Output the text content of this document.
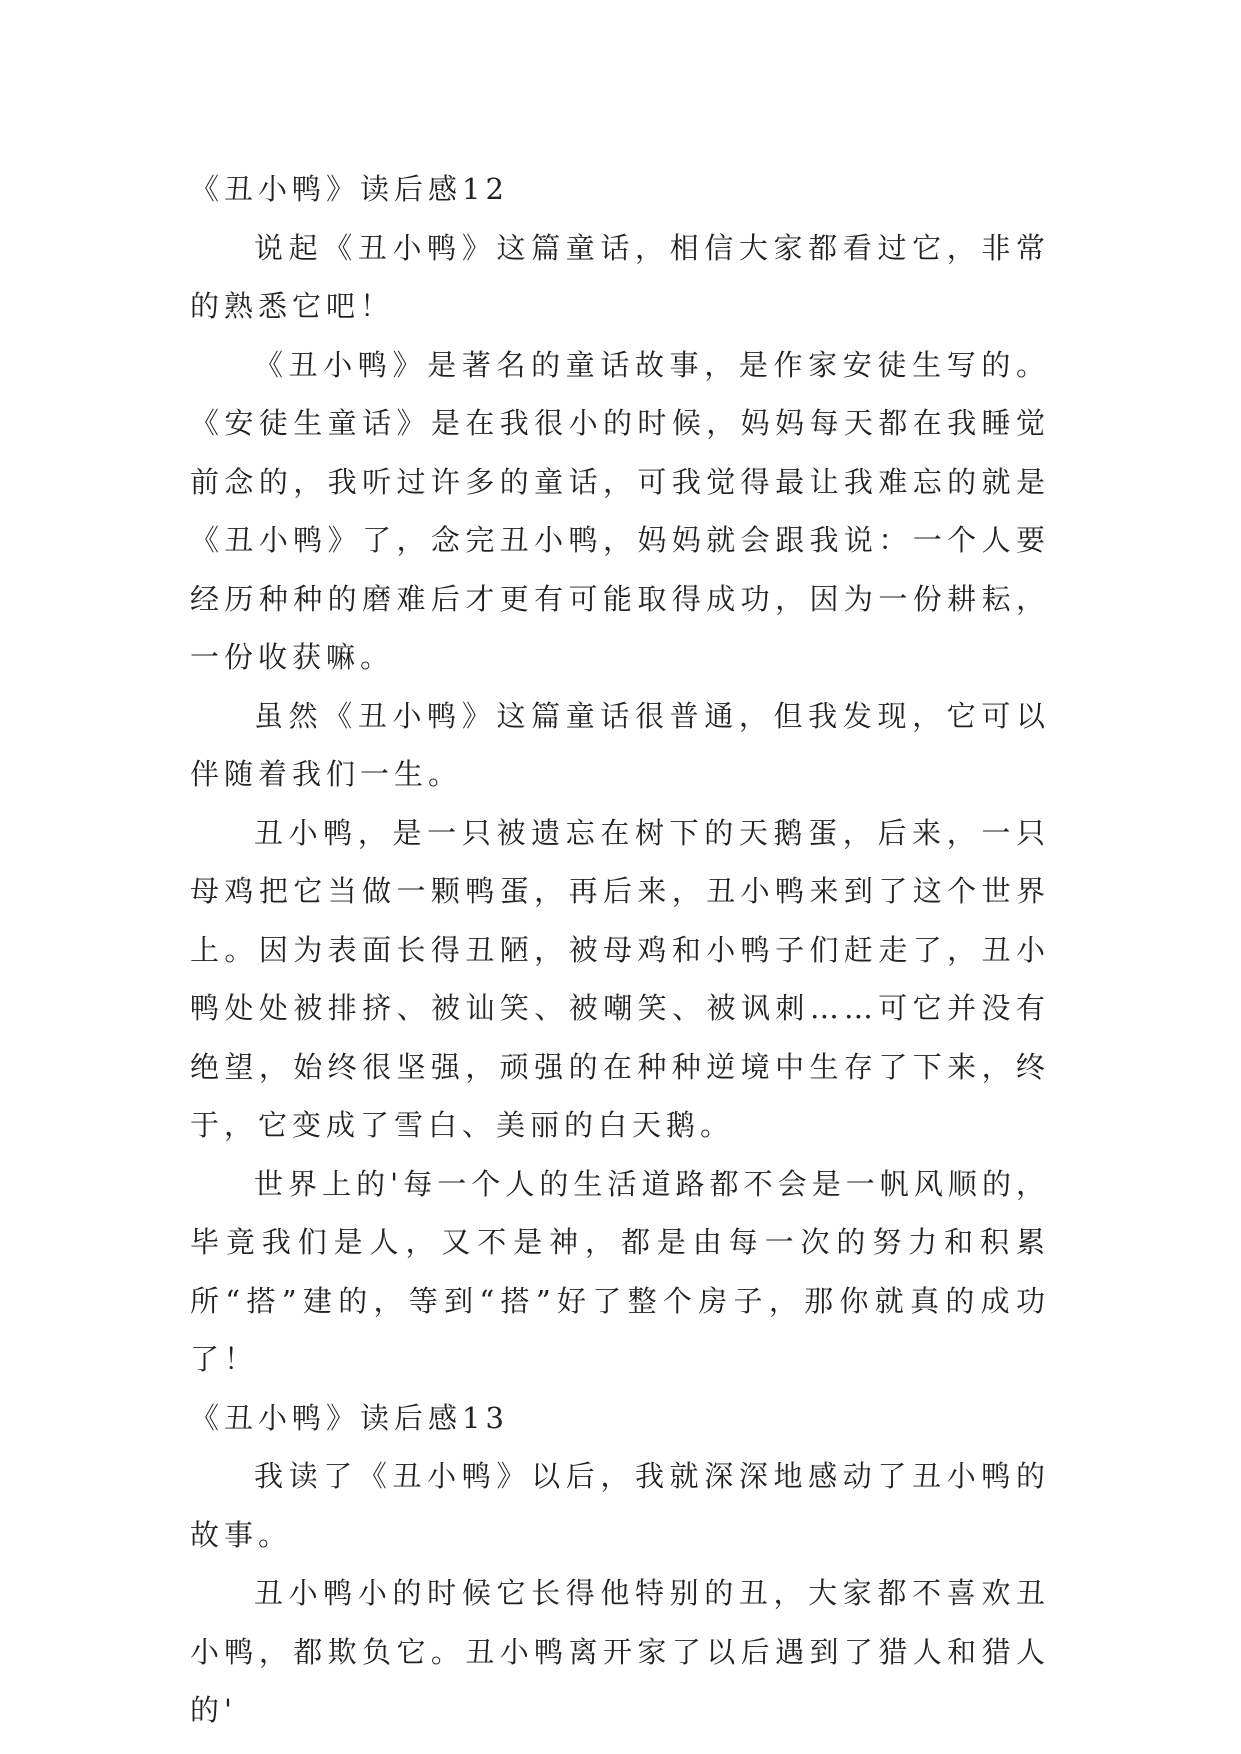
《丑小鸭》读后感12

说起《丑小鸭》这篇童话，相信大家都看过它，非常的熟悉它吧！

《丑小鸭》是著名的童话故事，是作家安徒生写的。《安徒生童话》是在我很小的时候，妈妈每天都在我睡觉前念的，我听过许多的童话，可我觉得最让我难忘的就是《丑小鸭》了，念完丑小鸭，妈妈就会跟我说：一个人要经历种种的磨难后才更有可能取得成功，因为一份耕耘，一份收获嘛。

虽然《丑小鸭》这篇童话很普通，但我发现，它可以伴随着我们一生。

丑小鸭，是一只被遗忘在树下的天鹅蛋，后来，一只母鸡把它当做一颗鸭蛋，再后来，丑小鸭来到了这个世界上。因为表面长得丑陋，被母鸡和小鸭子们赶走了，丑小鸭处处被排挤、被讪笑、被嘲笑、被讽刺……可它并没有绝望，始终很坚强，顽强的在种种逆境中生存了下来，终于，它变成了雪白、美丽的白天鹅。

世界上的'每一个人的生活道路都不会是一帆风顺的，毕竟我们是人，又不是神，都是由每一次的努力和积累所“搭”建的，等到“搭”好了整个房子，那你就真的成功了！

《丑小鸭》读后感13

我读了《丑小鸭》以后，我就深深地感动了丑小鸭的故事。

丑小鸭小的时候它长得他特别的丑，大家都不喜欢丑小鸭，都欺负它。丑小鸭离开家了以后遇到了猎人和猎人的'
